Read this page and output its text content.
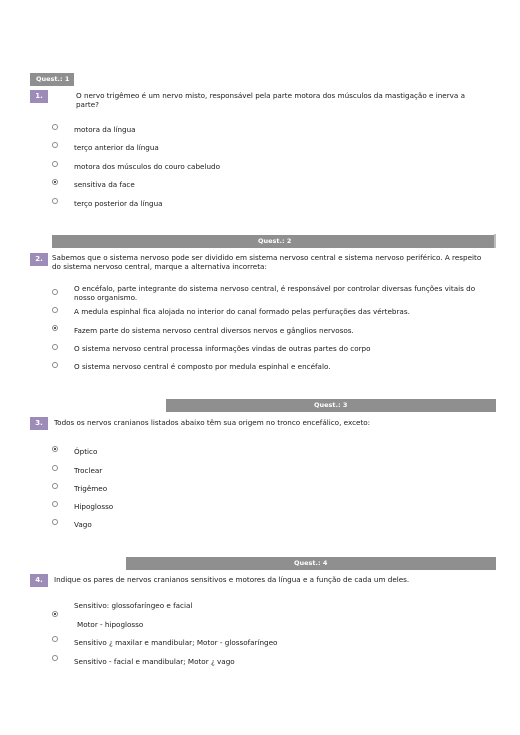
Quest.: 1
1.	O nervo trigêmeo é um nervo misto, responsável pela parte motora dos músculos da mastigação e inerva a parte?
motora da língua
terço anterior da língua
motora dos músculos do couro cabeludo
sensitiva da face
terço posterior da língua
Quest.: 2
2.	Sabemos que o sistema nervoso pode ser dividido em sistema nervoso central e sistema nervoso periférico. A respeito do sistema nervoso central, marque a alternativa incorreta:
O encéfalo, parte integrante do sistema nervoso central, é responsável por controlar diversas funções vitais do nosso organismo.
A medula espinhal fica alojada no interior do canal formado pelas perfurações das vértebras.
Fazem parte do sistema nervoso central diversos nervos e gânglios nervosos.
O sistema nervoso central processa informações vindas de outras partes do corpo
O sistema nervoso central é composto por medula espinhal e encéfalo.
Quest.: 3
3.	Todos os nervos cranianos listados abaixo têm sua origem no tronco encefálico, exceto:
Óptico
Troclear
Trigêmeo
Hipoglosso
Vago
Quest.: 4
4.	Indique os pares de nervos cranianos sensitivos e motores da língua e a função de cada um deles.
Sensitivo: glossofaríngeo e facial
Motor - hipoglosso
Sensitivo ¿ maxilar e mandibular; Motor - glossofaríngeo
Sensitivo - facial e mandibular; Motor ¿ vago
